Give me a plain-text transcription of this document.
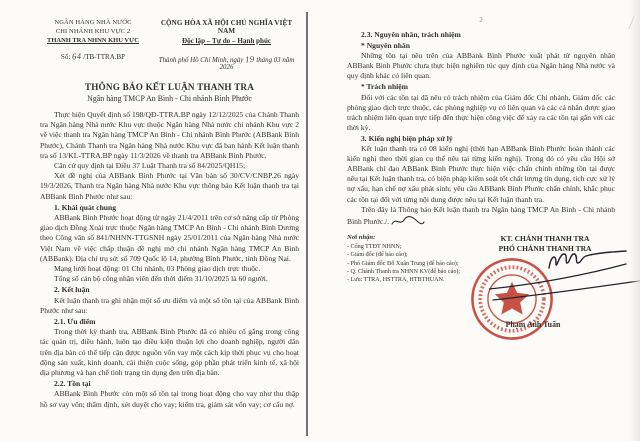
NGÂN HÀNG NHÀ NƯỚC
CHI NHÁNH KHU VỰC 2
THANH TRA NHNN KHU VỰC
Số: 64 /TB-TTRA.BP
CỘNG HÒA XÃ HỘI CHỦ NGHĨA VIỆT NAM
Độc lập – Tự do – Hạnh phúc
Thành phố Hồ Chí Minh, ngày 19 tháng 03 năm 2026
THÔNG BÁO KẾT LUẬN THANH TRA
Ngân hàng TMCP An Bình - Chi nhánh Bình Phước

Thực hiện Quyết định số 198/QĐ-TTRA.BP ngày 12/12/2025 của Chánh Thanh tra Ngân hàng Nhà nước Khu vực thuộc Ngân hàng Nhà nước chi nhánh Khu vực 2 về việc thanh tra Ngân hàng TMCP An Bình - Chi nhánh Bình Phước (ABBank Bình Phước), Chánh Thanh tra Ngân hàng Nhà nước Khu vực đã ban hành Kết luận thanh tra số 13/KL-TTRA.BP ngày 11/3/2026 về thanh tra ABBank Bình Phước.

Căn cứ quy định tại Điều 37 Luật Thanh tra số 84/2025/QH15;

Xét đề nghị của ABBank Bình Phước tại Văn bản số 30/CV/CNBP.26 ngày 19/3/2026, Thanh tra Ngân hàng Nhà nước Khu vực thông báo Kết luận thanh tra tại ABBank Bình Phước như sau:

1. Khái quát chung

ABBank Bình Phước hoạt động từ ngày 21/4/2011 trên cơ sở nâng cấp từ Phòng giao dịch Đồng Xoài trực thuộc Ngân hàng TMCP An Bình - Chi nhánh Bình Dương theo Công văn số 841/NHNN-TTGSNH ngày 25/01/2011 của Ngân hàng Nhà nước Việt Nam về việc chấp thuận đề nghị mở chi nhánh Ngân hàng TMCP An Bình (ABBank). Địa chỉ trụ sở: số 709 Quốc lộ 14, phường Bình Phước, tỉnh Đồng Nai.

Mạng lưới hoạt động: 01 Chi nhánh, 03 Phòng giao dịch trực thuộc.

Tổng số cán bộ công nhân viên đến thời điểm 31/10/2025 là 60 người.

2. Kết luận

Kết luận thanh tra ghi nhận một số ưu điểm và một số tồn tại của ABBank Bình Phước như sau:

2.1. Ưu điểm

Trong thời kỳ thanh tra, ABBank Bình Phước đã có nhiều cố gắng trong công tác quản trị, điều hành, luôn tạo điều kiện thuận lợi cho doanh nghiệp, người dân trên địa bàn có thể tiếp cận được nguồn vốn vay một cách kịp thời phục vụ cho hoạt động sản xuất, kinh doanh, cải thiện cuộc sống, góp phần phát triển kinh tế, xã hội địa phương và hạn chế tình trạng tín dụng đen trên địa bàn.

2.2. Tồn tại

ABBank Bình Phước còn một số tồn tại trong hoạt động cho vay như thu thập hồ sơ vay vốn; thẩm định, xét duyệt cho vay; kiểm tra, giám sát vốn vay; cơ cấu nợ.

2

2.3. Nguyên nhân, trách nhiệm

* Nguyên nhân

Những tồn tại nêu trên của ABBank Bình Phước xuất phát từ nguyên nhân ABBank Bình Phước chưa thực hiện nghiêm túc quy định của Ngân hàng Nhà nước và quy định khác có liên quan.

* Trách nhiệm

Đối với các tồn tại đã nêu có trách nhiệm của Giám đốc Chi nhánh, Giám đốc các phòng giao dịch trực thuộc, các phòng nghiệp vụ có liên quan và các cá nhân được giao trách nhiệm liên quan trực tiếp đến thực hiện công việc để xảy ra các tồn tại gắn với các thời kỳ.

3. Kiến nghị biện pháp xử lý

Kết luận thanh tra có 08 kiến nghị (thời hạn ABBank Bình Phước hoàn thành các kiến nghị theo thời gian cụ thể nêu tại từng kiến nghị). Trong đó có yêu cầu Hội sở ABBank chỉ đạo ABBank Bình Phước thực hiện việc chấn chỉnh những tồn tại được nêu tại Kết luận thanh tra, có biện pháp kiểm soát tốt chất lượng tín dụng, tích cực xử lý nợ xấu, hạn chế nợ xấu phát sinh; yêu cầu ABBank Bình Phước chấn chỉnh, khắc phục các tồn tại đối với từng nội dung được nêu tại Kết luận thanh tra.

Trên đây là Thông báo Kết luận thanh tra Ngân hàng TMCP An Bình - Chi nhánh Bình Phước./.

Nơi nhận:
- Cổng TTĐT NHNN;
- Giám đốc (để báo cáo);
- Phó Giám đốc Đỗ Xuân Trung (để báo cáo);
- Q. Chánh Thanh tra NHNN KV(để báo cáo);
- Lưu: TTRA, HSTTRA, HTBTHUAN.
KT. CHÁNH THANH TRA
PHÓ CHÁNH THANH TRA
Phạm Anh Tuấn
